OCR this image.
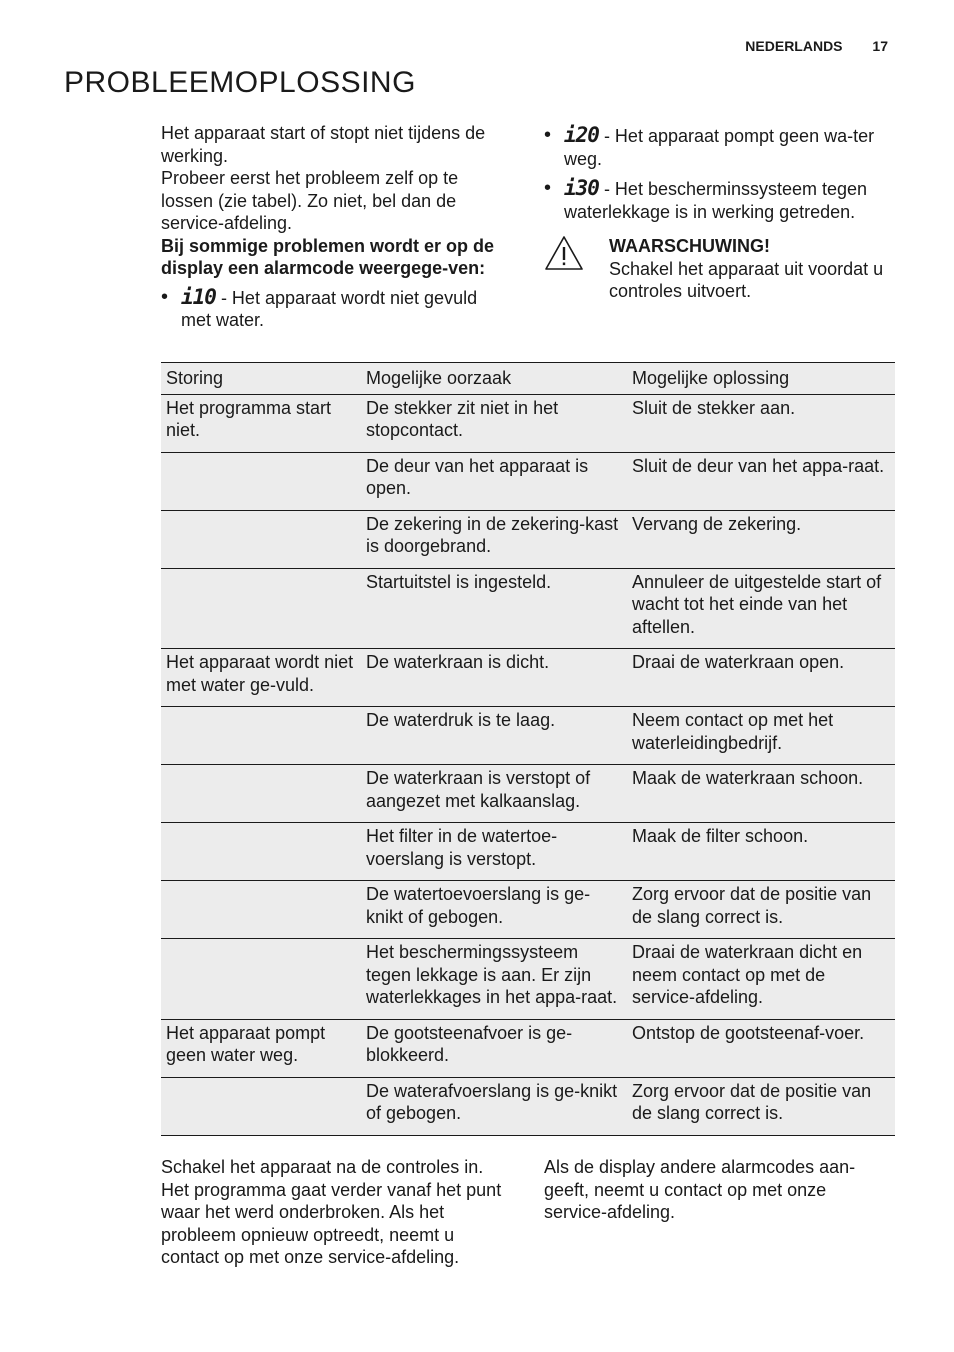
NEDERLANDS 17
PROBLEEMOPLOSSING

Het apparaat start of stopt niet tijdens de werking.

Probeer eerst het probleem zelf op te lossen (zie tabel). Zo niet, bel dan de service-afdeling.

Bij sommige problemen wordt er op de display een alarmcode weergege-ven:

• i10 - Het apparaat wordt niet gevuld met water.
• i20 - Het apparaat pompt geen wa-ter weg.
• i30 - Het bescherminssysteem tegen waterlekkage is in werking getreden.
WAARSCHUWING!
Schakel het apparaat uit voordat u controles uitvoert.
Storing	Mogelijke oorzaak	Mogelijke oplossing
Het programma start niet.	De stekker zit niet in het stopcontact.	Sluit de stekker aan.
	De deur van het apparaat is open.	Sluit de deur van het appa-raat.
	De zekering in de zekering-kast is doorgebrand.	Vervang de zekering.
	Startuitstel is ingesteld.	Annuleer de uitgestelde start of wacht tot het einde van het aftellen.
Het apparaat wordt niet met water ge-vuld.	De waterkraan is dicht.	Draai de waterkraan open.
	De waterdruk is te laag.	Neem contact op met het waterleidingbedrijf.
	De waterkraan is verstopt of aangezet met kalkaanslag.	Maak de waterkraan schoon.
	Het filter in de watertoe-voerslang is verstopt.	Maak de filter schoon.
	De watertoevoerslang is ge-knikt of gebogen.	Zorg ervoor dat de positie van de slang correct is.
	Het beschermingssysteem tegen lekkage is aan. Er zijn waterlekkages in het appa-raat.	Draai de waterkraan dicht en neem contact op met de service-afdeling.
Het apparaat pompt geen water weg.	De gootsteenafvoer is ge-blokkeerd.	Ontstop de gootsteenaf-voer.
	De waterafvoerslang is ge-knikt of gebogen.	Zorg ervoor dat de positie van de slang correct is.

Schakel het apparaat na de controles in. Het programma gaat verder vanaf het punt waar het werd onderbroken. Als het probleem opnieuw optreedt, neemt u contact op met onze service-afdeling.

Als de display andere alarmcodes aan-geeft, neemt u contact op met onze service-afdeling.
